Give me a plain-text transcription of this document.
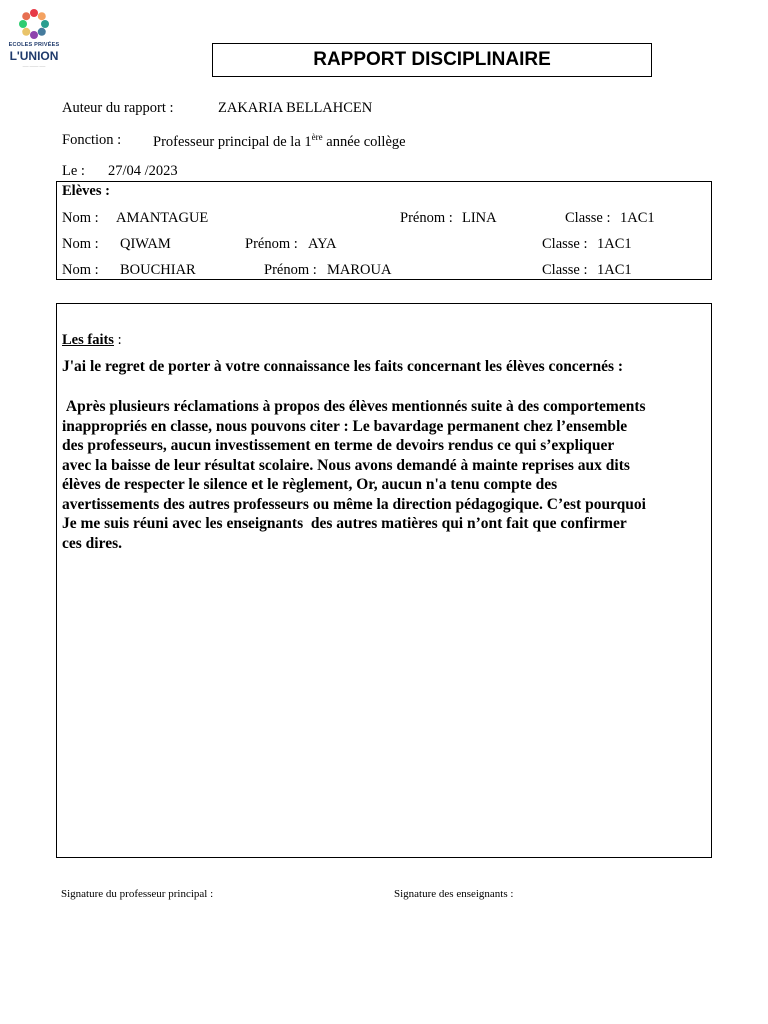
ECOLES PRIVÉES
L'UNION
—— ——— ——	RAPPORT DISCIPLINAIRE
Auteur du rapport :	ZAKARIA BELLAHCEN
Fonction : Professeur principal de la 1ère année collège
Le : 27/04 /2023
Elèves :
Nom : AMANTAGUE	Prénom : LINA	Classe : 1AC1
Nom : QIWAM	Prénom : AYA	Classe : 1AC1
Nom : BOUCHIAR	Prénom : MAROUA	Classe : 1AC1
Les faits :
J'ai le regret de porter à votre connaissance les faits concernant les élèves concernés :
Après plusieurs réclamations à propos des élèves mentionnés suite à des comportements
inappropriés en classe, nous pouvons citer : Le bavardage permanent chez l’ensemble
des professeurs, aucun investissement en terme de devoirs rendus ce qui s’expliquer
avec la baisse de leur résultat scolaire. Nous avons demandé à mainte reprises aux dits
élèves de respecter le silence et le règlement, Or, aucun n'a tenu compte des
avertissements des autres professeurs ou même la direction pédagogique. C’est pourquoi
Je me suis réuni avec les enseignants  des autres matières qui n’ont fait que confirmer
ces dires.
Signature du professeur principal :	Signature des enseignants :
